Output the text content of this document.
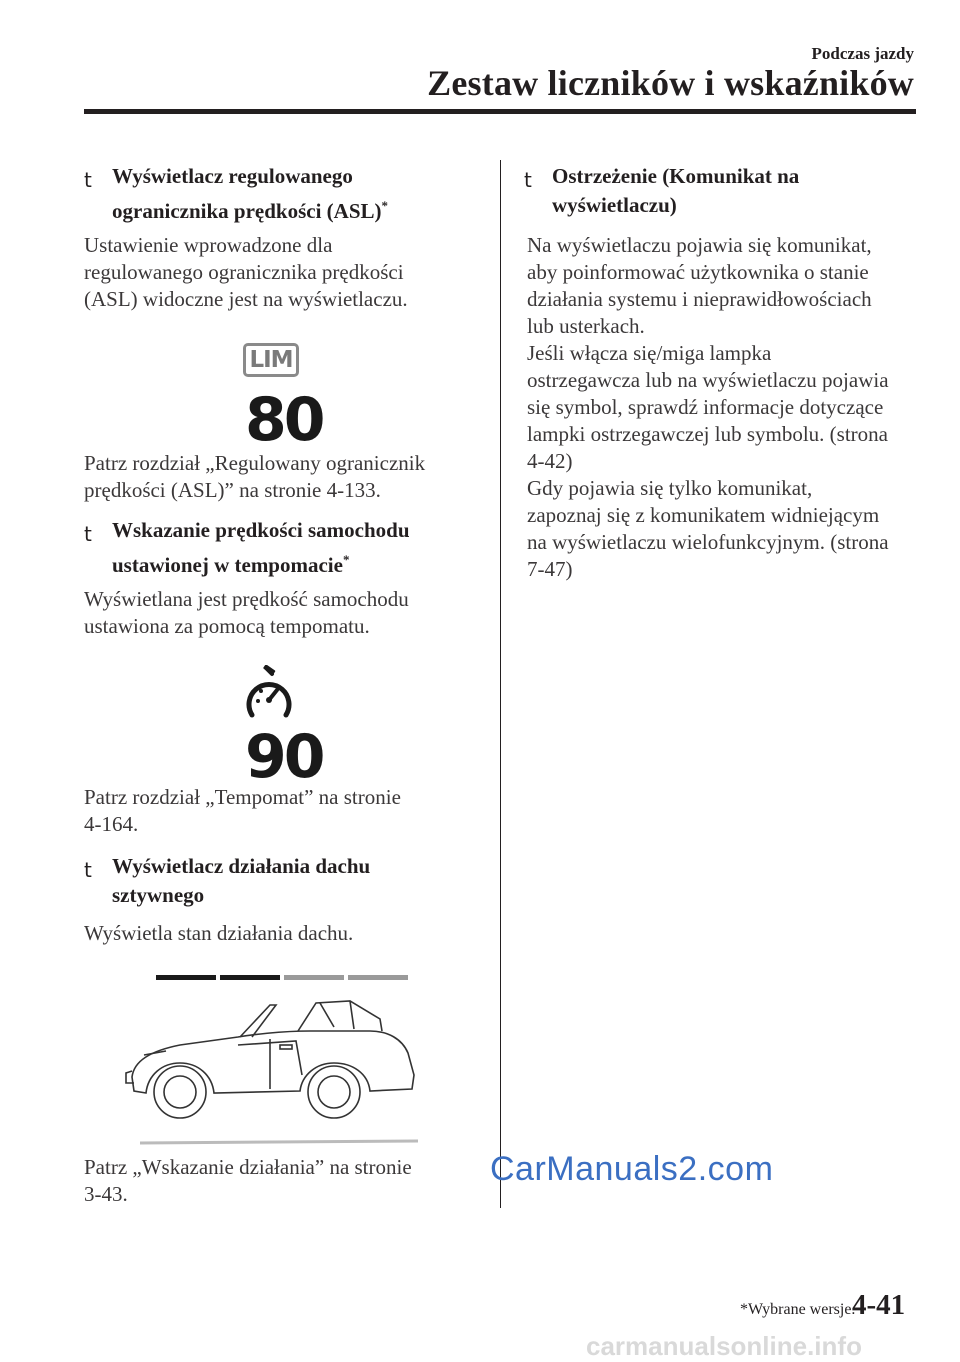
Podczas jazdy
Zestaw liczników i wskaźników
t Wyświetlacz regulowanego
ogranicznika prędkości (ASL)*
Ustawienie wprowadzone dla
regulowanego ogranicznika prędkości
(ASL) widoczne jest na wyświetlaczu.
LIM
80
Patrz rozdział „Regulowany ogranicznik
prędkości (ASL)” na stronie 4-133.
t Wskazanie prędkości samochodu
ustawionej w tempomacie*
Wyświetlana jest prędkość samochodu
ustawiona za pomocą tempomatu.
90
Patrz rozdział „Tempomat” na stronie
4-164.
t Wyświetlacz działania dachu
sztywnego
Wyświetla stan działania dachu.
Patrz „Wskazanie działania” na stronie
3-43.
t Ostrzeżenie (Komunikat na
wyświetlaczu)
Na wyświetlaczu pojawia się komunikat,
aby poinformować użytkownika o stanie
działania systemu i nieprawidłowościach
lub usterkach.
Jeśli włącza się/miga lampka
ostrzegawcza lub na wyświetlaczu pojawia
się symbol, sprawdź informacje dotyczące
lampki ostrzegawczej lub symbolu. (strona
4-42)
Gdy pojawia się tylko komunikat,
zapoznaj się z komunikatem widniejącym
na wyświetlaczu wielofunkcyjnym. (strona
7-47)
CarManuals2.com
*Wybrane wersje.
4-41
carmanualsonline.info
